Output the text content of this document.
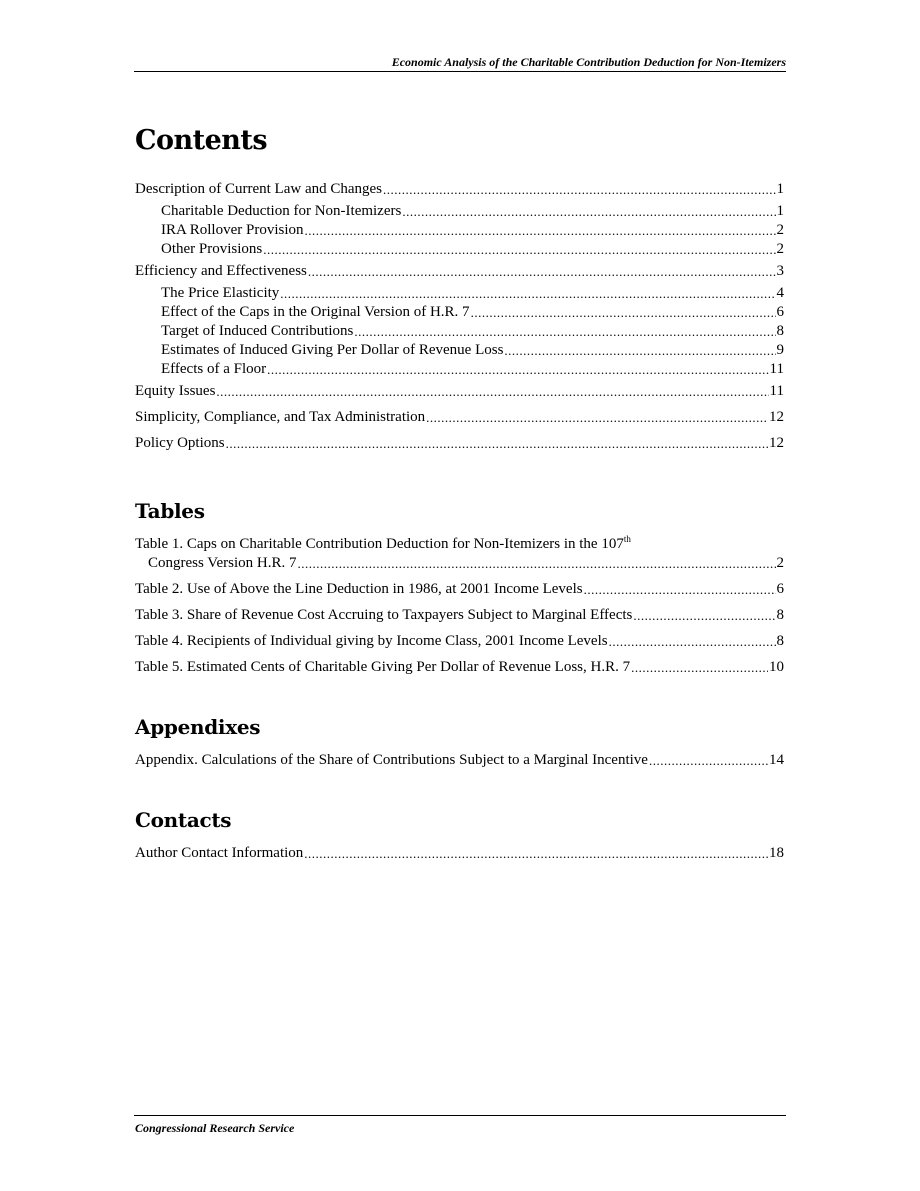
Economic Analysis of the Charitable Contribution Deduction for Non-Itemizers
Contents
Description of Current Law and Changes .....	1
Charitable Deduction for Non-Itemizers .....	1
IRA Rollover Provision .....	2
Other Provisions .....	2
Efficiency and Effectiveness .....	3
The Price Elasticity .....	4
Effect of the Caps in the Original Version of H.R. 7 .....	6
Target of Induced Contributions .....	8
Estimates of Induced Giving Per Dollar of Revenue Loss .....	9
Effects of a Floor .....	11
Equity Issues .....	11
Simplicity, Compliance, and Tax Administration .....	12
Policy Options .....	12
Tables
Table 1. Caps on Charitable Contribution Deduction for Non-Itemizers in the 107th
Congress Version H.R. 7 .....	2
Table 2. Use of Above the Line Deduction in 1986, at 2001 Income Levels .....	6
Table 3. Share of Revenue Cost Accruing to Taxpayers Subject to Marginal Effects .....	8
Table 4. Recipients of Individual giving by Income Class, 2001 Income Levels .....	8
Table 5. Estimated Cents of Charitable Giving Per Dollar of Revenue Loss, H.R. 7 .....	10
Appendixes
Appendix. Calculations of the Share of Contributions Subject to a Marginal Incentive .....	14
Contacts
Author Contact Information .....	18
Congressional Research Service
